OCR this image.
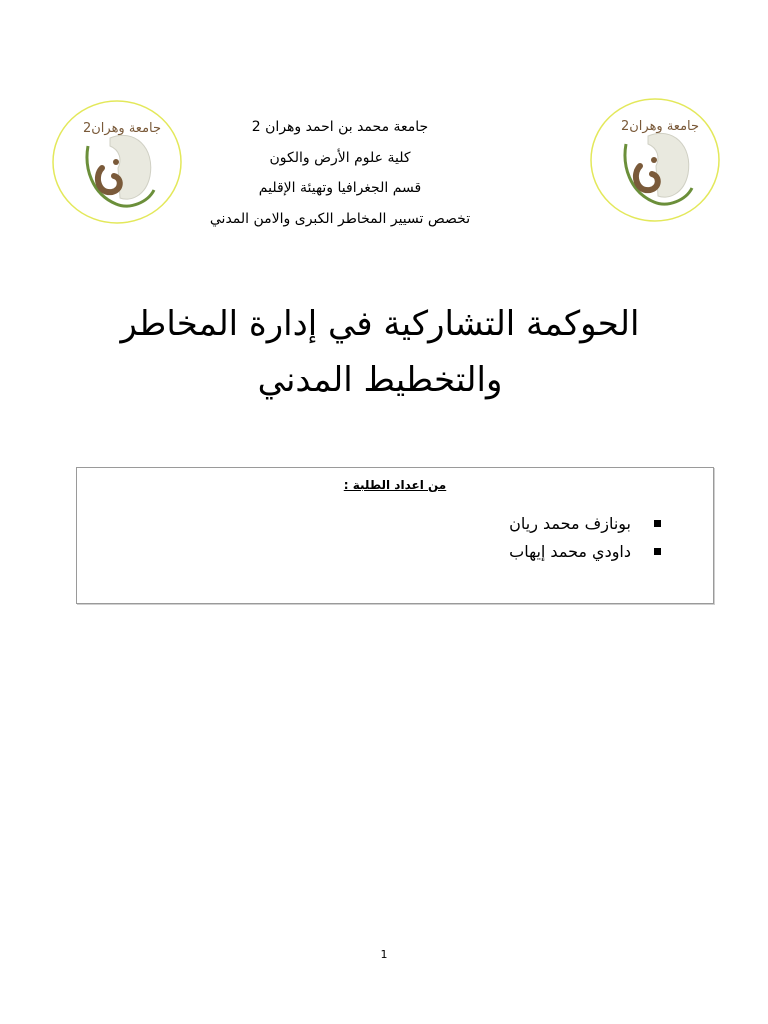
جامعة وهران2	جامعة وهران2
جامعة محمد بن احمد وهران 2
كلية علوم الأرض والكون
قسم الجغرافيا وتهيئة الإقليم
تخصص تسيير المخاطر الكبرى والامن المدني
الحوكمة التشاركية في إدارة المخاطر
والتخطيط المدني
من اعداد الطلبة :
بونازف محمد ريان
داودي محمد إيهاب
1
